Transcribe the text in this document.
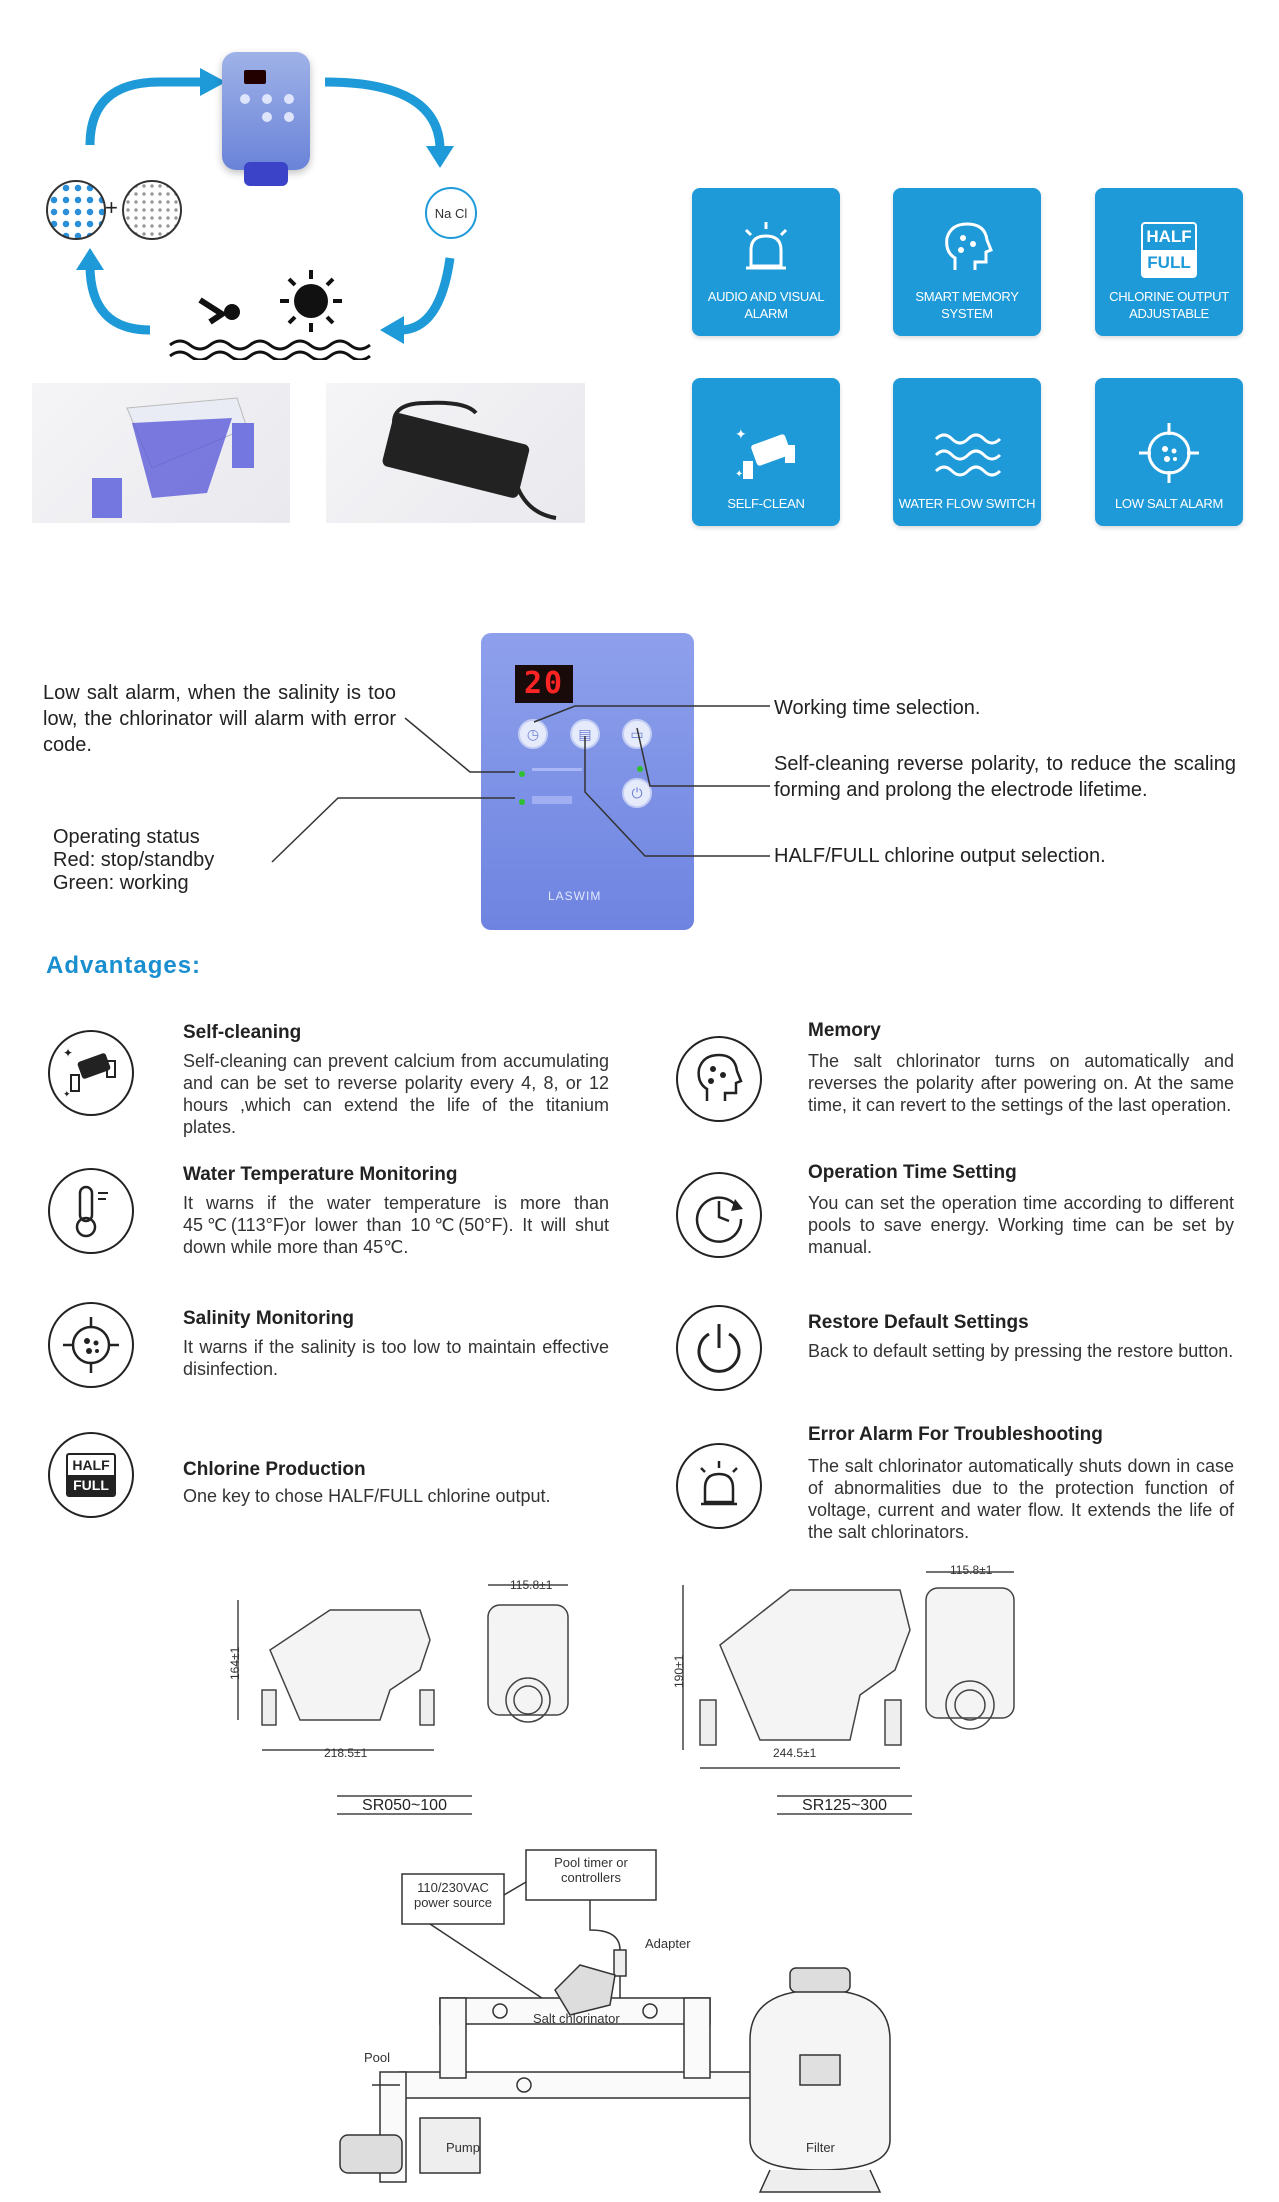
+	Na Cl
AUDIO AND VISUAL ALARM
SMART MEMORY SYSTEM
HALF
FULL
CHLORINE OUTPUT ADJUSTABLE
✦
✦
SELF-CLEAN	WATER FLOW SWITCH	LOW SALT ALARM
20
◷	▤	▭
⏻
LASWIM
Low salt alarm, when the salinity is too low, the chlorinator will alarm with error code.
Operating status
Red: stop/standby
Green: working
Working time selection.
Self-cleaning reverse polarity, to reduce the scaling forming and prolong the electrode lifetime.
HALF/FULL chlorine output selection.
Advantages:
✦
✦
Self-cleaning
Self-cleaning can prevent calcium from accumulating and can be set to reverse polarity every 4, 8, or 12 hours ,which can extend the life of the titanium plates.
Water Temperature Monitoring
It warns if the water temperature is more than 45℃(113°F)or lower than 10℃(50°F). It will shut down while more than 45℃.
Salinity Monitoring
It warns if the salinity is too low to maintain effective disinfection.
HALF
FULL
Chlorine Production
One key to chose HALF/FULL chlorine output.
Memory
The salt chlorinator turns on automatically and reverses the polarity after powering on. At the same time, it can revert to the settings of the last operation.
Operation Time Setting
You can set the operation time according to different pools to save energy. Working time can be set by manual.
Restore Default Settings
Back to default setting by pressing the restore button.
Error Alarm For Troubleshooting
The salt chlorinator automatically shuts down in case of abnormalities due to the protection function of voltage, current and water flow. It extends the life of the salt chlorinators.
164±1
218.5±1
115.8±1
SR050~100
190±1
244.5±1
115.8±1
SR125~300
Pool timer or controllers
110/230VAC power source
Adapter
Salt chlorinator
Pool
Pump	Filter
